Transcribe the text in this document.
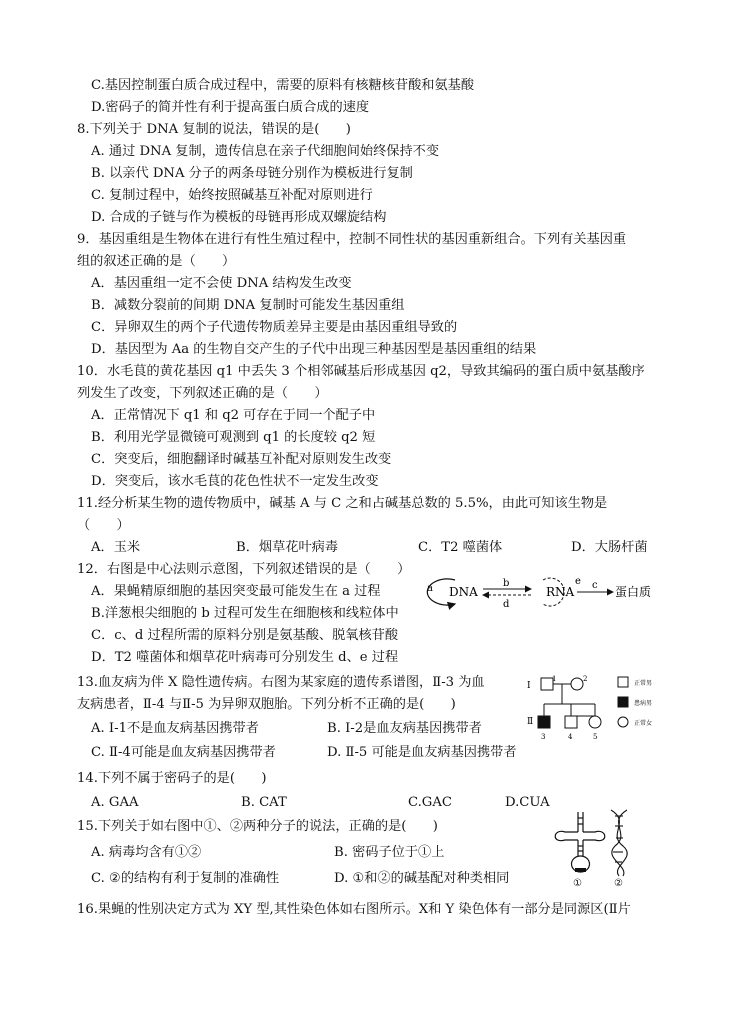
C.基因控制蛋白质合成过程中，需要的原料有核糖核苷酸和氨基酸
D.密码子的简并性有利于提高蛋白质合成的速度
8.下列关于 DNA 复制的说法，错误的是(　　)
A. 通过 DNA 复制，遗传信息在亲子代细胞间始终保持不变
B. 以亲代 DNA 分子的两条母链分别作为模板进行复制
C. 复制过程中，始终按照碱基互补配对原则进行
D. 合成的子链与作为模板的母链再形成双螺旋结构
9．基因重组是生物体在进行有性生殖过程中，控制不同性状的基因重新组合。下列有关基因重
组的叙述正确的是（　　）
A．基因重组一定不会使 DNA 结构发生改变
B．减数分裂前的间期 DNA 复制时可能发生基因重组
C．异卵双生的两个子代遗传物质差异主要是由基因重组导致的
D．基因型为 Aa 的生物自交产生的子代中出现三种基因型是基因重组的结果
10．水毛茛的黄花基因 q1 中丢失 3 个相邻碱基后形成基因 q2，导致其编码的蛋白质中氨基酸序
列发生了改变，下列叙述正确的是（　　）
A．正常情况下 q1 和 q2 可存在于同一个配子中
B．利用光学显微镜可观测到 q1 的长度较 q2 短
C．突变后，细胞翻译时碱基互补配对原则发生改变
D．突变后，该水毛茛的花色性状不一定发生改变
11.经分析某生物的遗传物质中，碱基 A 与 C 之和占碱基总数的 5.5%，由此可知该生物是
（　　）
A．玉米	B．烟草花叶病毒	C．T2 噬菌体	D．大肠杆菌
12．右图是中心法则示意图，下列叙述错误的是（　　）
A．果蝇精原细胞的基因突变最可能发生在 a 过程
B.洋葱根尖细胞的 b 过程可发生在细胞核和线粒体中
C．c、d 过程所需的原料分别是氨基酸、脱氧核苷酸
D．T2 噬菌体和烟草花叶病毒可分别发生 d、e 过程
13.血友病为伴 X 隐性遗传病。右图为某家庭的遗传系谱图，Ⅱ-3 为血
友病患者，Ⅱ-4 与Ⅱ-5 为异卵双胞胎。下列分析不正确的是(　　)
A. Ⅰ-1不是血友病基因携带者	B. Ⅰ-2是血友病基因携带者
C. Ⅱ-4可能是血友病基因携带者	D. Ⅱ-5 可能是血友病基因携带者
14.下列不属于密码子的是(　　)
A. GAA	B. CAT	C.GAC	D.CUA
15.下列关于如右图中①、②两种分子的说法，正确的是(　　)
A. 病毒均含有①②	B. 密码子位于①上
C. ②的结构有利于复制的准确性	D. ①和②的碱基配对种类相同
16.果蝇的性别决定方式为 XY 型,其性染色体如右图所示。X和 Y 染色体有一部分是同源区(Ⅱ片
DNA
b
d
RNA c 蛋白质
a
e
Ⅰ
1	2
Ⅱ
3	4	5
正常男
患病男
正常女
①	②
